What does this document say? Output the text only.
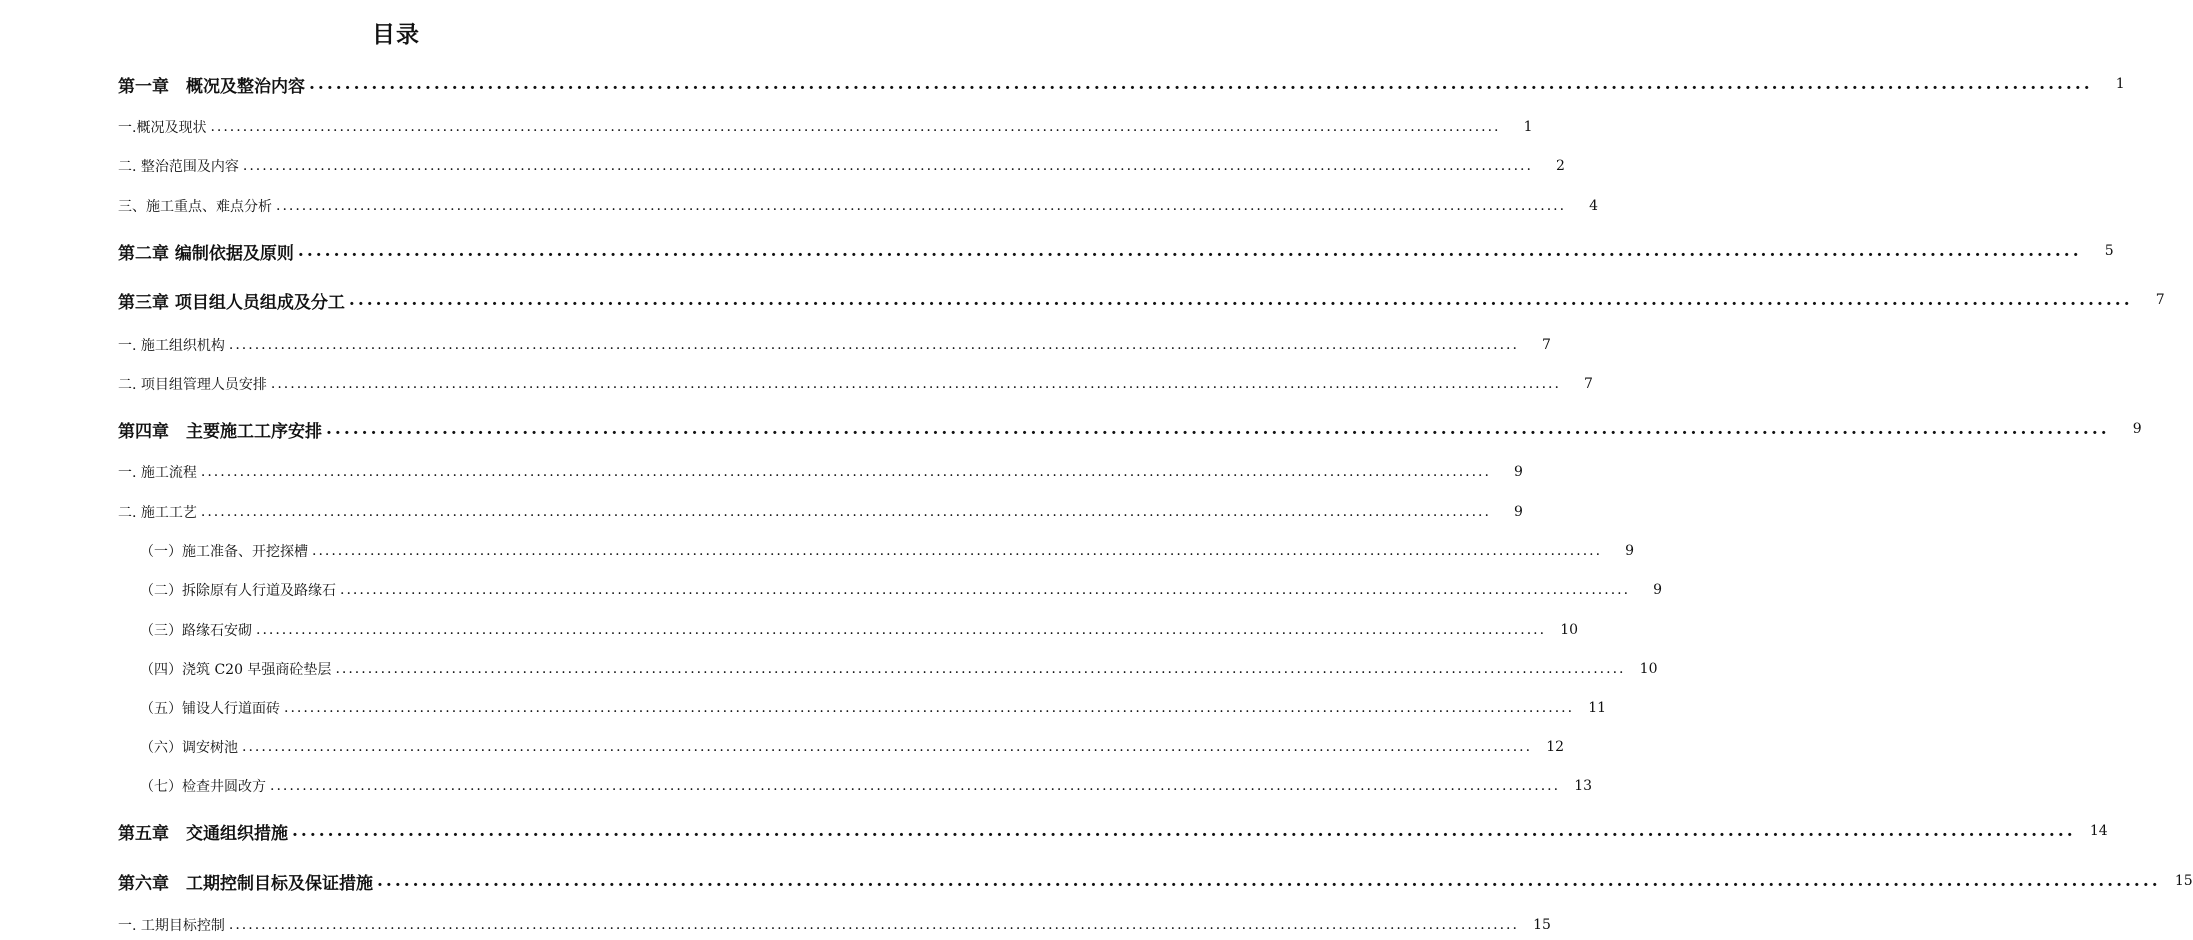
目录
第一章　概况及整治内容 ........................................................................................................................................................................................................	1
一.概况及现状 ........................................................................................................................................................................................................	1
二. 整治范围及内容 ........................................................................................................................................................................................................	2
三、施工重点、难点分析 ........................................................................................................................................................................................................	4
第二章 编制依据及原则 ........................................................................................................................................................................................................	5
第三章 项目组人员组成及分工 ........................................................................................................................................................................................................	7
一. 施工组织机构 ........................................................................................................................................................................................................	7
二. 项目组管理人员安排 ........................................................................................................................................................................................................	7
第四章　主要施工工序安排 ........................................................................................................................................................................................................	9
一. 施工流程 ........................................................................................................................................................................................................	9
二. 施工工艺 ........................................................................................................................................................................................................	9
（一）施工准备、开挖探槽 ........................................................................................................................................................................................................	9
（二）拆除原有人行道及路缘石 ........................................................................................................................................................................................................	9
（三）路缘石安砌 ........................................................................................................................................................................................................	10
（四）浇筑 C20 早强商砼垫层 ........................................................................................................................................................................................................	10
（五）铺设人行道面砖 ........................................................................................................................................................................................................	11
（六）调安树池 ........................................................................................................................................................................................................	12
（七）检查井圆改方 ........................................................................................................................................................................................................	13
第五章　交通组织措施 ........................................................................................................................................................................................................	14
第六章　工期控制目标及保证措施 ........................................................................................................................................................................................................	15
一. 工期目标控制 ........................................................................................................................................................................................................	15
